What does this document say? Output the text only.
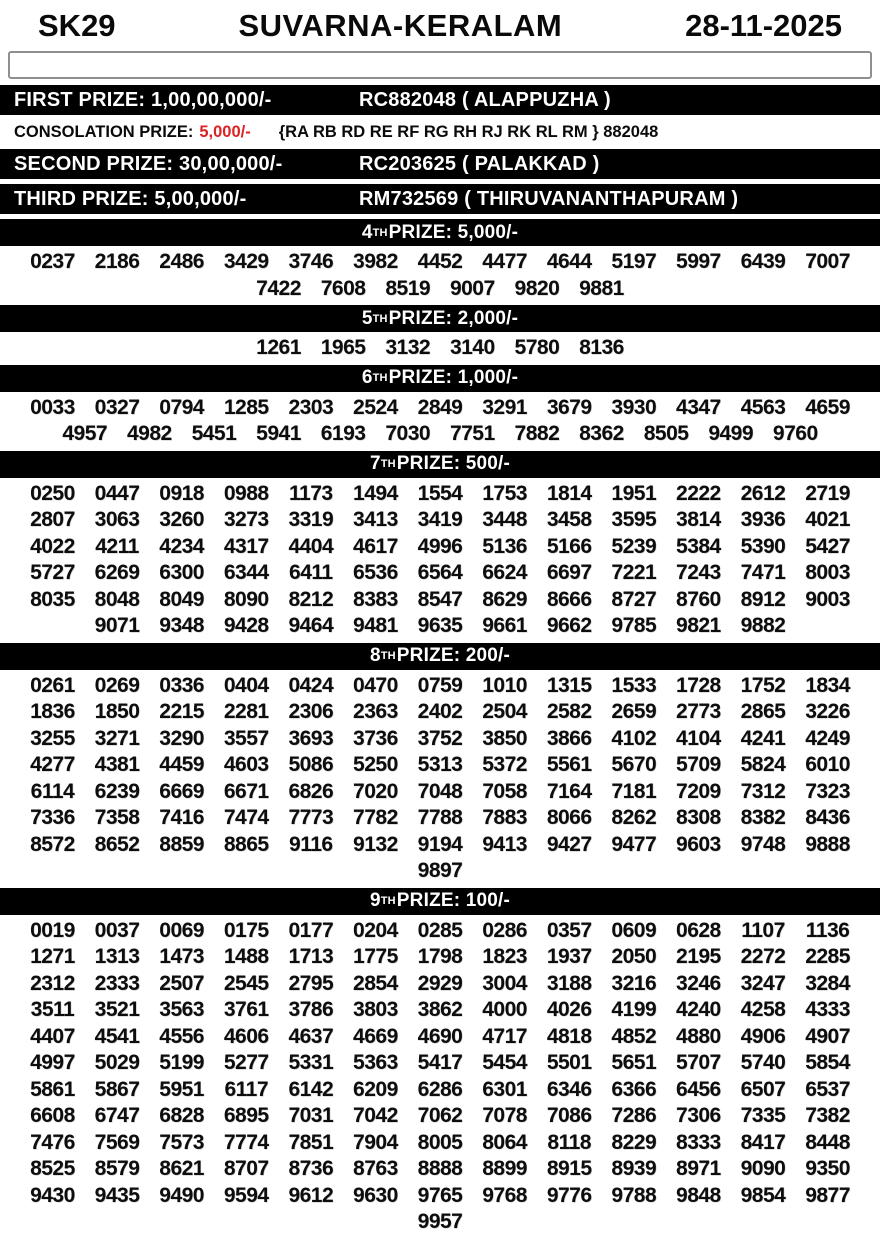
SK29	SUVARNA-KERALAM	28-11-2025
FIRST PRIZE: 1,00,00,000/-	RC882048 ( ALAPPUZHA )
CONSOLATION PRIZE: 5,000/- {RA RB RD RE RF RG RH RJ RK RL RM } 882048
SECOND PRIZE: 30,00,000/-	RC203625 ( PALAKKAD )
THIRD PRIZE: 5,00,000/-	RM732569 ( THIRUVANANTHAPURAM )
4 TH PRIZE: 5,000/-
0237 2186 2486 3429 3746 3982 4452 4477 4644 5197 5997 6439 7007
7422 7608 8519 9007 9820 9881
5 TH PRIZE: 2,000/-
1261 1965 3132 3140 5780 8136
6 TH PRIZE: 1,000/-
0033 0327 0794 1285 2303 2524 2849 3291 3679 3930 4347 4563 4659
4957 4982 5451 5941 6193 7030 7751 7882 8362 8505 9499 9760
7 TH PRIZE: 500/-
0250 0447 0918 0988 1173 1494 1554 1753 1814 1951 2222 2612 2719
2807 3063 3260 3273 3319 3413 3419 3448 3458 3595 3814 3936 4021
4022 4211 4234 4317 4404 4617 4996 5136 5166 5239 5384 5390 5427
5727 6269 6300 6344 6411 6536 6564 6624 6697 7221 7243 7471 8003
8035 8048 8049 8090 8212 8383 8547 8629 8666 8727 8760 8912 9003
9071 9348 9428 9464 9481 9635 9661 9662 9785 9821 9882
8 TH PRIZE: 200/-
0261 0269 0336 0404 0424 0470 0759 1010 1315 1533 1728 1752 1834
1836 1850 2215 2281 2306 2363 2402 2504 2582 2659 2773 2865 3226
3255 3271 3290 3557 3693 3736 3752 3850 3866 4102 4104 4241 4249
4277 4381 4459 4603 5086 5250 5313 5372 5561 5670 5709 5824 6010
6114 6239 6669 6671 6826 7020 7048 7058 7164 7181 7209 7312 7323
7336 7358 7416 7474 7773 7782 7788 7883 8066 8262 8308 8382 8436
8572 8652 8859 8865 9116 9132 9194 9413 9427 9477 9603 9748 9888
9897
9 TH PRIZE: 100/-
0019 0037 0069 0175 0177 0204 0285 0286 0357 0609 0628 1107	1136
1271 1313 1473 1488 1713 1775 1798 1823 1937 2050 2195 2272 2285
2312 2333 2507 2545 2795 2854 2929 3004 3188 3216 3246 3247 3284
3511 3521 3563 3761 3786 3803 3862 4000 4026 4199 4240 4258 4333
4407 4541 4556 4606 4637 4669 4690 4717 4818 4852 4880 4906 4907
4997 5029 5199 5277 5331 5363 5417 5454 5501 5651 5707 5740 5854
5861 5867 5951 6117 6142 6209 6286 6301 6346 6366 6456 6507 6537
6608 6747 6828 6895 7031 7042 7062 7078 7086 7286 7306 7335 7382
7476 7569 7573 7774 7851 7904 8005 8064 8118 8229 8333 8417 8448
8525 8579 8621 8707 8736 8763 8888 8899 8915 8939 8971 9090 9350
9430 9435 9490 9594 9612 9630 9765 9768 9776 9788 9848 9854 9877
9957
